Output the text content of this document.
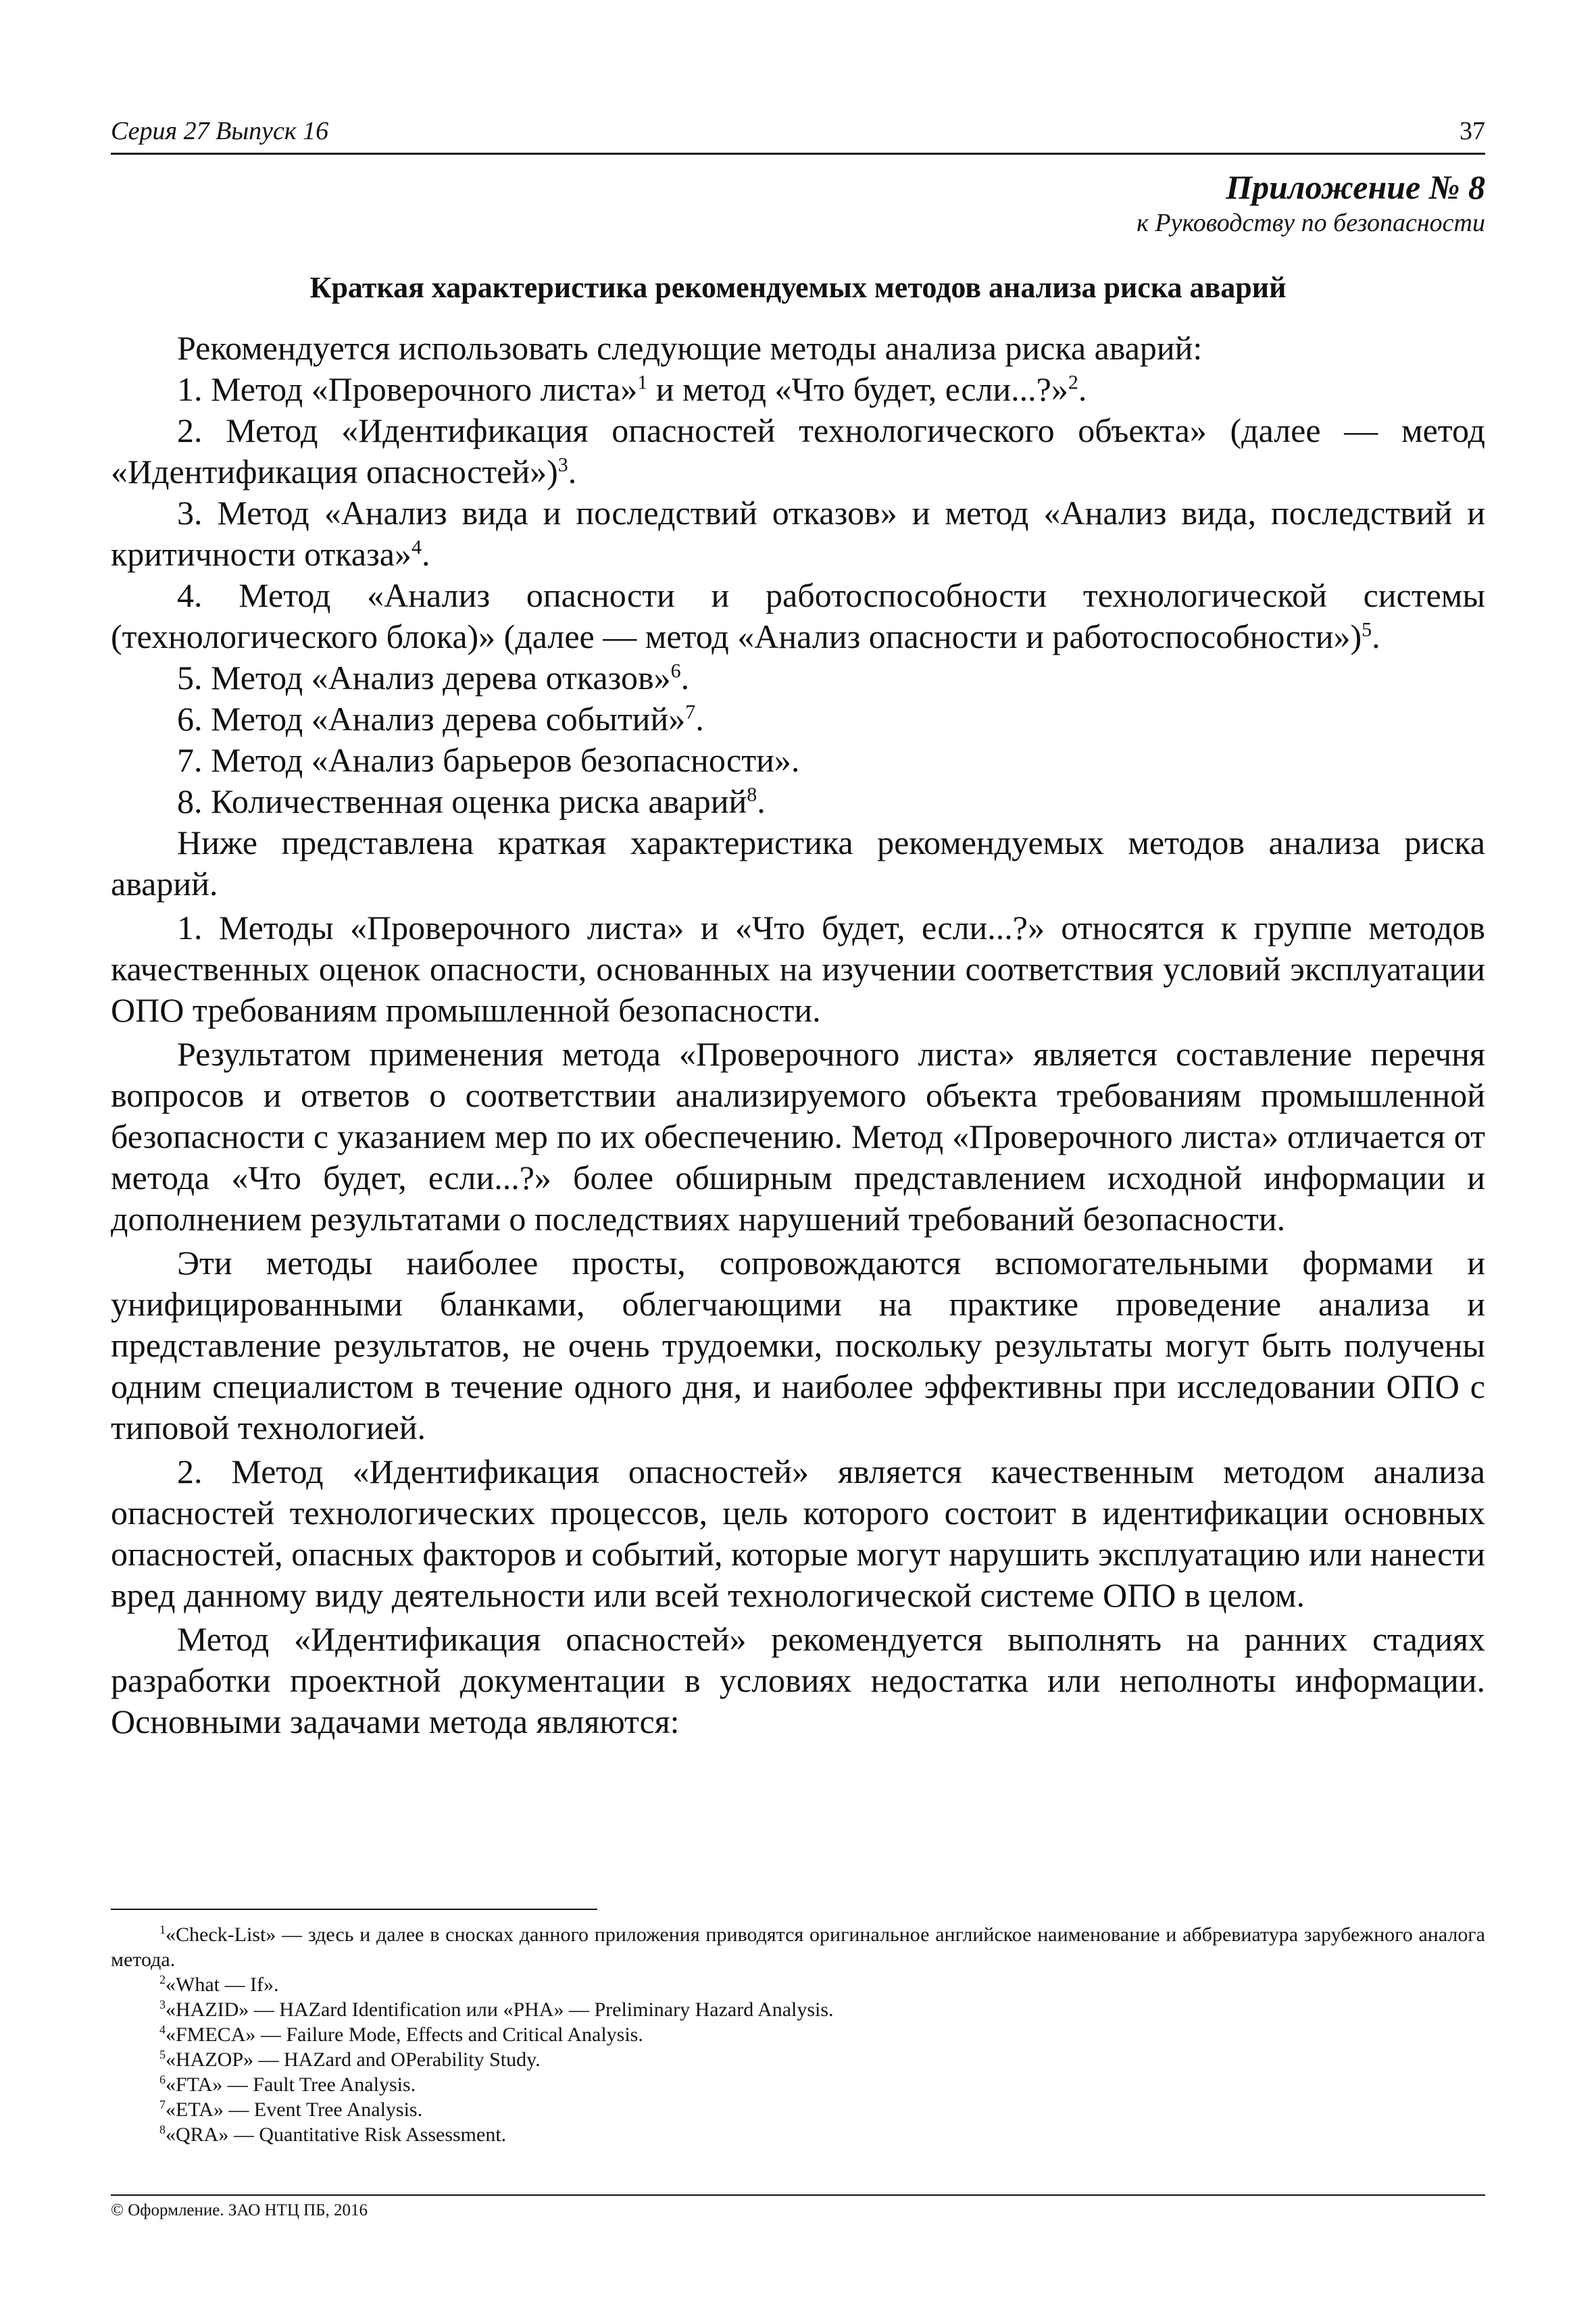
Серия 27 Выпуск 16	37
Приложение № 8
к Руководству по безопасности
Краткая характеристика рекомендуемых методов анализа риска аварий

Рекомендуется использовать следующие методы анализа риска аварий:

1. Метод «Проверочного листа»$^1$ и метод «Что будет, если...?»$^2$.

2. Метод «Идентификация опасностей технологического объекта» (далее — метод «Идентификация опасностей»)$^3$.

3. Метод «Анализ вида и последствий отказов» и метод «Анализ вида, последствий и критичности отказа»$^4$.

4. Метод «Анализ опасности и работоспособности технологической системы (технологического блока)» (далее — метод «Анализ опасности и работоспособности»)$^5$.

5. Метод «Анализ дерева отказов»$^6$.

6. Метод «Анализ дерева событий»$^7$.

7. Метод «Анализ барьеров безопасности».

8. Количественная оценка риска аварий$^8$.

Ниже представлена краткая характеристика рекомендуемых методов анализа риска аварий.

1. Методы «Проверочного листа» и «Что будет, если...?» относятся к группе методов качественных оценок опасности, основанных на изучении соответствия условий эксплуатации ОПО требованиям промышленной безопасности.

Результатом применения метода «Проверочного листа» является составление перечня вопросов и ответов о соответствии анализируемого объекта требованиям промышленной безопасности с указанием мер по их обеспечению. Метод «Проверочного листа» отличается от метода «Что будет, если...?» более обширным представлением исходной информации и дополнением результатами о последствиях нарушений требований безопасности.

Эти методы наиболее просты, сопровождаются вспомогательными формами и унифицированными бланками, облегчающими на практике проведение анализа и представление результатов, не очень трудоемки, поскольку результаты могут быть получены одним специалистом в течение одного дня, и наиболее эффективны при исследовании ОПО с типовой технологией.

2. Метод «Идентификация опасностей» является качественным методом анализа опасностей технологических процессов, цель которого состоит в идентификации основных опасностей, опасных факторов и событий, которые могут нарушить эксплуатацию или нанести вред данному виду деятельности или всей технологической системе ОПО в целом.

Метод «Идентификация опасностей» рекомендуется выполнять на ранних стадиях разработки проектной документации в условиях недостатка или неполноты информации. Основными задачами метода являются:

$^1$«Check-List» — здесь и далее в сносках данного приложения приводятся оригинальное английское наименование и аббревиатура зарубежного аналога метода.

$^2$«What — If».

$^3$«HAZID» — HAZard Identification или «PHA» — Preliminary Hazard Analysis.

$^4$«FMECA» — Failure Mode, Effects and Critical Analysis.

$^5$«HAZOP» — HAZard and OPerability Study.

$^6$«FTA» — Fault Tree Analysis.

$^7$«ETA» — Event Tree Analysis.

$^8$«QRA» — Quantitative Risk Assessment.

© Оформление. ЗАО НТЦ ПБ, 2016
